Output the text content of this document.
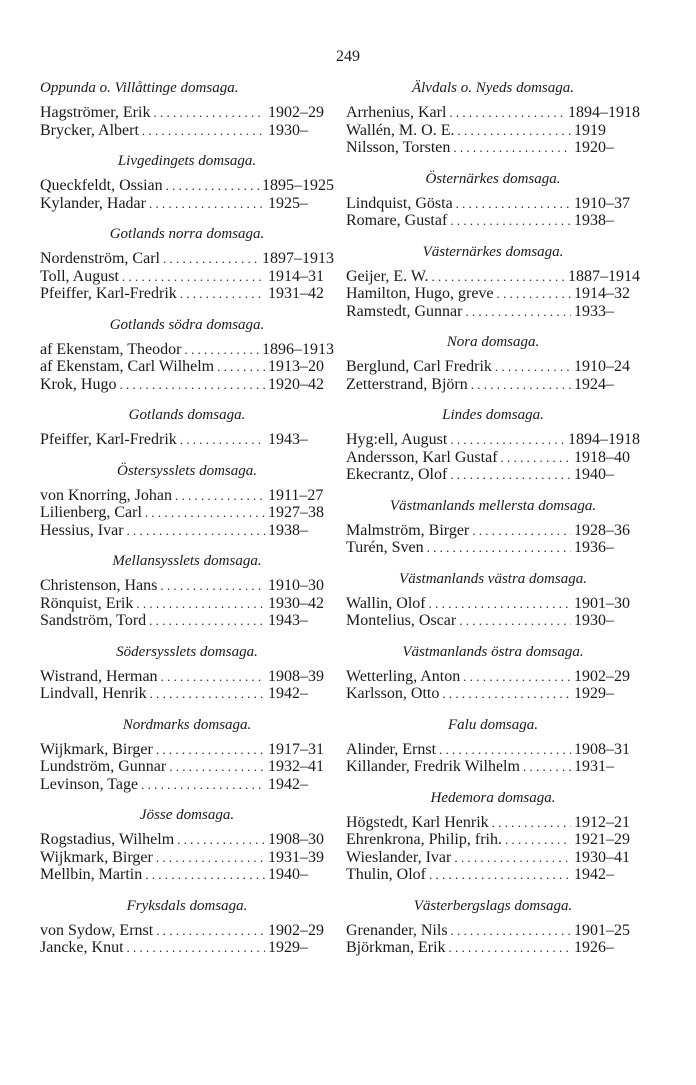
249
Oppunda o. Villåttinge domsaga.
Hagströmer, Erik . . .	1902–29
Brycker, Albert . . .	1930–
Livgedingets domsaga.
Queckfeldt, Ossian . . .	1895–1925
Kylander, Hadar . . .	1925–
Gotlands norra domsaga.
Nordenström, Carl . . .	1897–1913
Toll, August . . .	1914–31
Pfeiffer, Karl-Fredrik . . .	1931–42
Gotlands södra domsaga.
af Ekenstam, Theodor . . .	1896–1913
af Ekenstam, Carl Wilhelm . . .	1913–20
Krok, Hugo . . .	1920–42
Gotlands domsaga.
Pfeiffer, Karl-Fredrik . . .	1943–
Östersysslets domsaga.
von Knorring, Johan . . .	1911–27
Lilienberg, Carl . . .	1927–38
Hessius, Ivar . . .	1938–
Mellansysslets domsaga.
Christenson, Hans . . .	1910–30
Rönquist, Erik . . .	1930–42
Sandström, Tord . . .	1943–
Södersysslets domsaga.
Wistrand, Herman . . .	1908–39
Lindvall, Henrik . . .	1942–
Nordmarks domsaga.
Wijkmark, Birger . . .	1917–31
Lundström, Gunnar . . .	1932–41
Levinson, Tage . . .	1942–
Jösse domsaga.
Rogstadius, Wilhelm . . .	1908–30
Wijkmark, Birger . . .	1931–39
Mellbin, Martin . . .	1940–
Fryksdals domsaga.
von Sydow, Ernst . . .	1902–29
Jancke, Knut . . .	1929–
Älvdals o. Nyeds domsaga.
Arrhenius, Karl . . .	1894–1918
Wallén, M. O. E. . . .	1919
Nilsson, Torsten . . .	1920–
Östernärkes domsaga.
Lindquist, Gösta . . .	1910–37
Romare, Gustaf . . .	1938–
Västernärkes domsaga.
Geijer, E. W. . . .	1887–1914
Hamilton, Hugo, greve . . .	1914–32
Ramstedt, Gunnar . . .	1933–
Nora domsaga.
Berglund, Carl Fredrik . . .	1910–24
Zetterstrand, Björn . . .	1924–
Lindes domsaga.
Hyg:ell, August . . .	1894–1918
Andersson, Karl Gustaf . . .	1918–40
Ekecrantz, Olof . . .	1940–
Västmanlands mellersta domsaga.
Malmström, Birger . . .	1928–36
Turén, Sven . . .	1936–
Västmanlands västra domsaga.
Wallin, Olof . . .	1901–30
Montelius, Oscar . . .	1930–
Västmanlands östra domsaga.
Wetterling, Anton . . .	1902–29
Karlsson, Otto . . .	1929–
Falu domsaga.
Alinder, Ernst . . .	1908–31
Killander, Fredrik Wilhelm . . .	1931–
Hedemora domsaga.
Högstedt, Karl Henrik . . .	1912–21
Ehrenkrona, Philip, frih. . . .	1921–29
Wieslander, Ivar . . .	1930–41
Thulin, Olof . . .	1942–
Västerbergslags domsaga.
Grenander, Nils . . .	1901–25
Björkman, Erik . . .	1926–
